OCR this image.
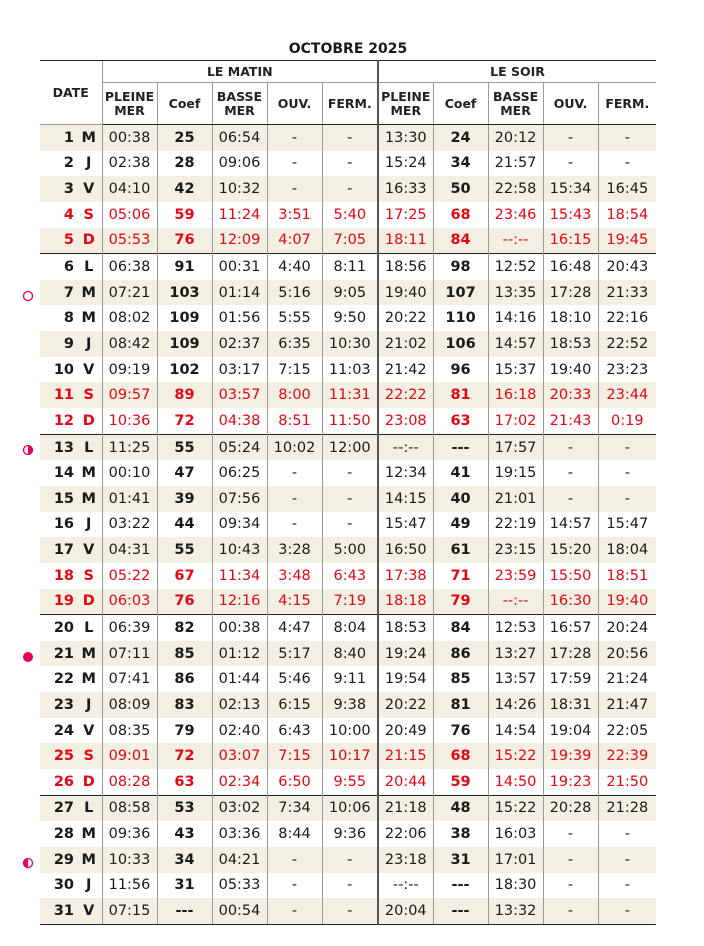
OCTOBRE 2025
DATE		LE MATIN					LE SOIR				
		PLEINE MER	Coef	BASSE MER	OUV.	FERM.	PLEINE MER	Coef	BASSE MER	OUV.	FERM.
1	M	00:38	25	06:54	-	-	13:30	24	20:12	-	-
2	J	02:38	28	09:06	-	-	15:24	34	21:57	-	-
3	V	04:10	42	10:32	-	-	16:33	50	22:58	15:34	16:45
4	S	05:06	59	11:24	3:51	5:40	17:25	68	23:46	15:43	18:54
5	D	05:53	76	12:09	4:07	7:05	18:11	84	--:--	16:15	19:45
6	L	06:38	91	00:31	4:40	8:11	18:56	98	12:52	16:48	20:43
7	M	07:21	103	01:14	5:16	9:05	19:40	107	13:35	17:28	21:33
8	M	08:02	109	01:56	5:55	9:50	20:22	110	14:16	18:10	22:16
9	J	08:42	109	02:37	6:35	10:30	21:02	106	14:57	18:53	22:52
10	V	09:19	102	03:17	7:15	11:03	21:42	96	15:37	19:40	23:23
11	S	09:57	89	03:57	8:00	11:31	22:22	81	16:18	20:33	23:44
12	D	10:36	72	04:38	8:51	11:50	23:08	63	17:02	21:43	0:19
13	L	11:25	55	05:24	10:02	12:00	--:--	---	17:57	-	-
14	M	00:10	47	06:25	-	-	12:34	41	19:15	-	-
15	M	01:41	39	07:56	-	-	14:15	40	21:01	-	-
16	J	03:22	44	09:34	-	-	15:47	49	22:19	14:57	15:47
17	V	04:31	55	10:43	3:28	5:00	16:50	61	23:15	15:20	18:04
18	S	05:22	67	11:34	3:48	6:43	17:38	71	23:59	15:50	18:51
19	D	06:03	76	12:16	4:15	7:19	18:18	79	--:--	16:30	19:40
20	L	06:39	82	00:38	4:47	8:04	18:53	84	12:53	16:57	20:24
21	M	07:11	85	01:12	5:17	8:40	19:24	86	13:27	17:28	20:56
22	M	07:41	86	01:44	5:46	9:11	19:54	85	13:57	17:59	21:24
23	J	08:09	83	02:13	6:15	9:38	20:22	81	14:26	18:31	21:47
24	V	08:35	79	02:40	6:43	10:00	20:49	76	14:54	19:04	22:05
25	S	09:01	72	03:07	7:15	10:17	21:15	68	15:22	19:39	22:39
26	D	08:28	63	02:34	6:50	9:55	20:44	59	14:50	19:23	21:50
27	L	08:58	53	03:02	7:34	10:06	21:18	48	15:22	20:28	21:28
28	M	09:36	43	03:36	8:44	9:36	22:06	38	16:03	-	-
29	M	10:33	34	04:21	-	-	23:18	31	17:01	-	-
30	J	11:56	31	05:33	-	-	--:--	---	18:30	-	-
31	V	07:15	---	00:54	-	-	20:04	---	13:32	-	-
